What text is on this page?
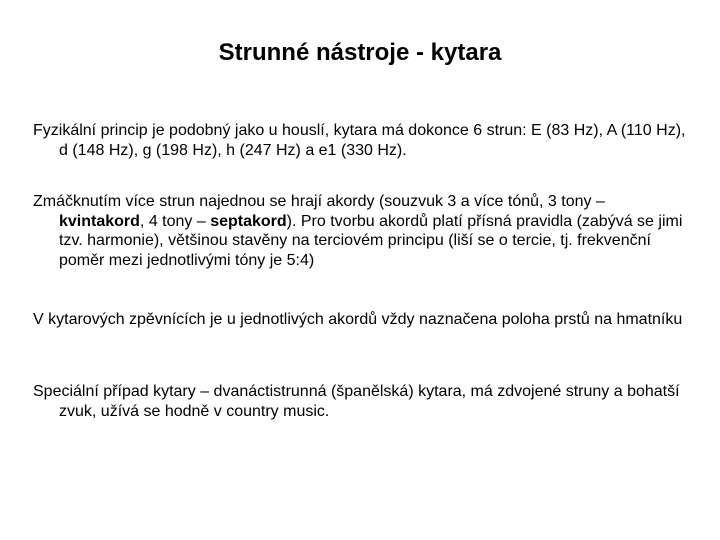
Strunné nástroje - kytara
Fyzikální princip je podobný jako u houslí, kytara má dokonce 6 strun: E (83 Hz), A (110 Hz), d (148 Hz), g (198 Hz), h (247 Hz) a e1 (330 Hz).
Zmáčknutím více strun najednou se hrají akordy (souzvuk 3 a více tónů, 3 tony – kvintakord, 4 tony – septakord). Pro tvorbu akordů platí přísná pravidla (zabývá se jimi tzv. harmonie), většinou stavěny na terciovém principu (liší se o tercie, tj. frekvenční poměr mezi jednotlivými tóny je 5:4)
V kytarových zpěvnících je u jednotlivých akordů vždy naznačena poloha prstů na hmatníku
Speciální případ kytary – dvanáctistrunná (španělská) kytara, má zdvojené struny a bohatší zvuk, užívá se hodně v country music.
